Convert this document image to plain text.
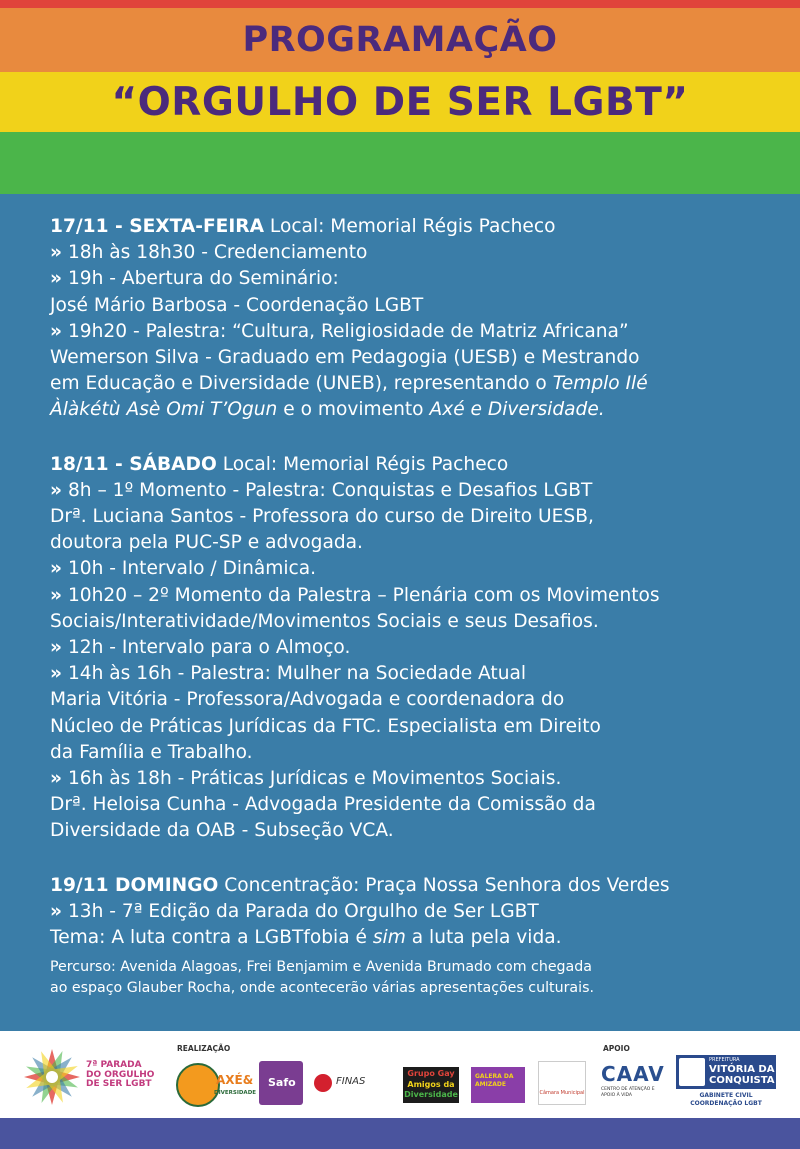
PROGRAMAÇÃO
“ORGULHO DE SER LGBT”

17/11 - SEXTA-FEIRA Local: Memorial Régis Pacheco

» 18h às 18h30 - Credenciamento

» 19h - Abertura do Seminário:

José Mário Barbosa - Coordenação LGBT

» 19h20 - Palestra: “Cultura, Religiosidade de Matriz Africana”

Wemerson Silva - Graduado em Pedagogia (UESB) e Mestrando

em Educação e Diversidade (UNEB), representando o Templo Ilé

Àlàkétù Asè Omi T’Ogun e o movimento Axé e Diversidade.

18/11 - SÁBADO Local: Memorial Régis Pacheco

» 8h – 1º Momento - Palestra: Conquistas e Desafios LGBT

Drª. Luciana Santos - Professora do curso de Direito UESB,

doutora pela PUC-SP e advogada.

» 10h - Intervalo / Dinâmica.

» 10h20 – 2º Momento da Palestra – Plenária com os Movimentos

Sociais/Interatividade/Movimentos Sociais e seus Desafios.

» 12h - Intervalo para o Almoço.

» 14h às 16h - Palestra: Mulher na Sociedade Atual

Maria Vitória - Professora/Advogada e coordenadora do

Núcleo de Práticas Jurídicas da FTC. Especialista em Direito

da Família e Trabalho.

» 16h às 18h - Práticas Jurídicas e Movimentos Sociais.

Drª. Heloisa Cunha - Advogada Presidente da Comissão da

Diversidade da OAB - Subseção VCA.

19/11 DOMINGO Concentração: Praça Nossa Senhora dos Verdes

» 13h - 7ª Edição da Parada do Orgulho de Ser LGBT

Tema: A luta contra a LGBTfobia é sim a luta pela vida.

Percurso: Avenida Alagoas, Frei Benjamim e Avenida Brumado com chegada

ao espaço Glauber Rocha, onde acontecerão várias apresentações culturais.

7ª PARADA
DO ORGULHO
DE SER LGBT
REALIZAÇÃO
AXÉ&
DIVERSIDADE
Safo	FINAS
Grupo Gay
Amigos da
Diversidade
GALERA DA AMIZADE
Câmara Municipal
APOIO
CAAV
CENTRO DE ATENÇÃO E APOIO À VIDA
PREFEITURA
VITÓRIA DA
CONQUISTA
GABINETE CIVIL
COORDENAÇÃO LGBT
